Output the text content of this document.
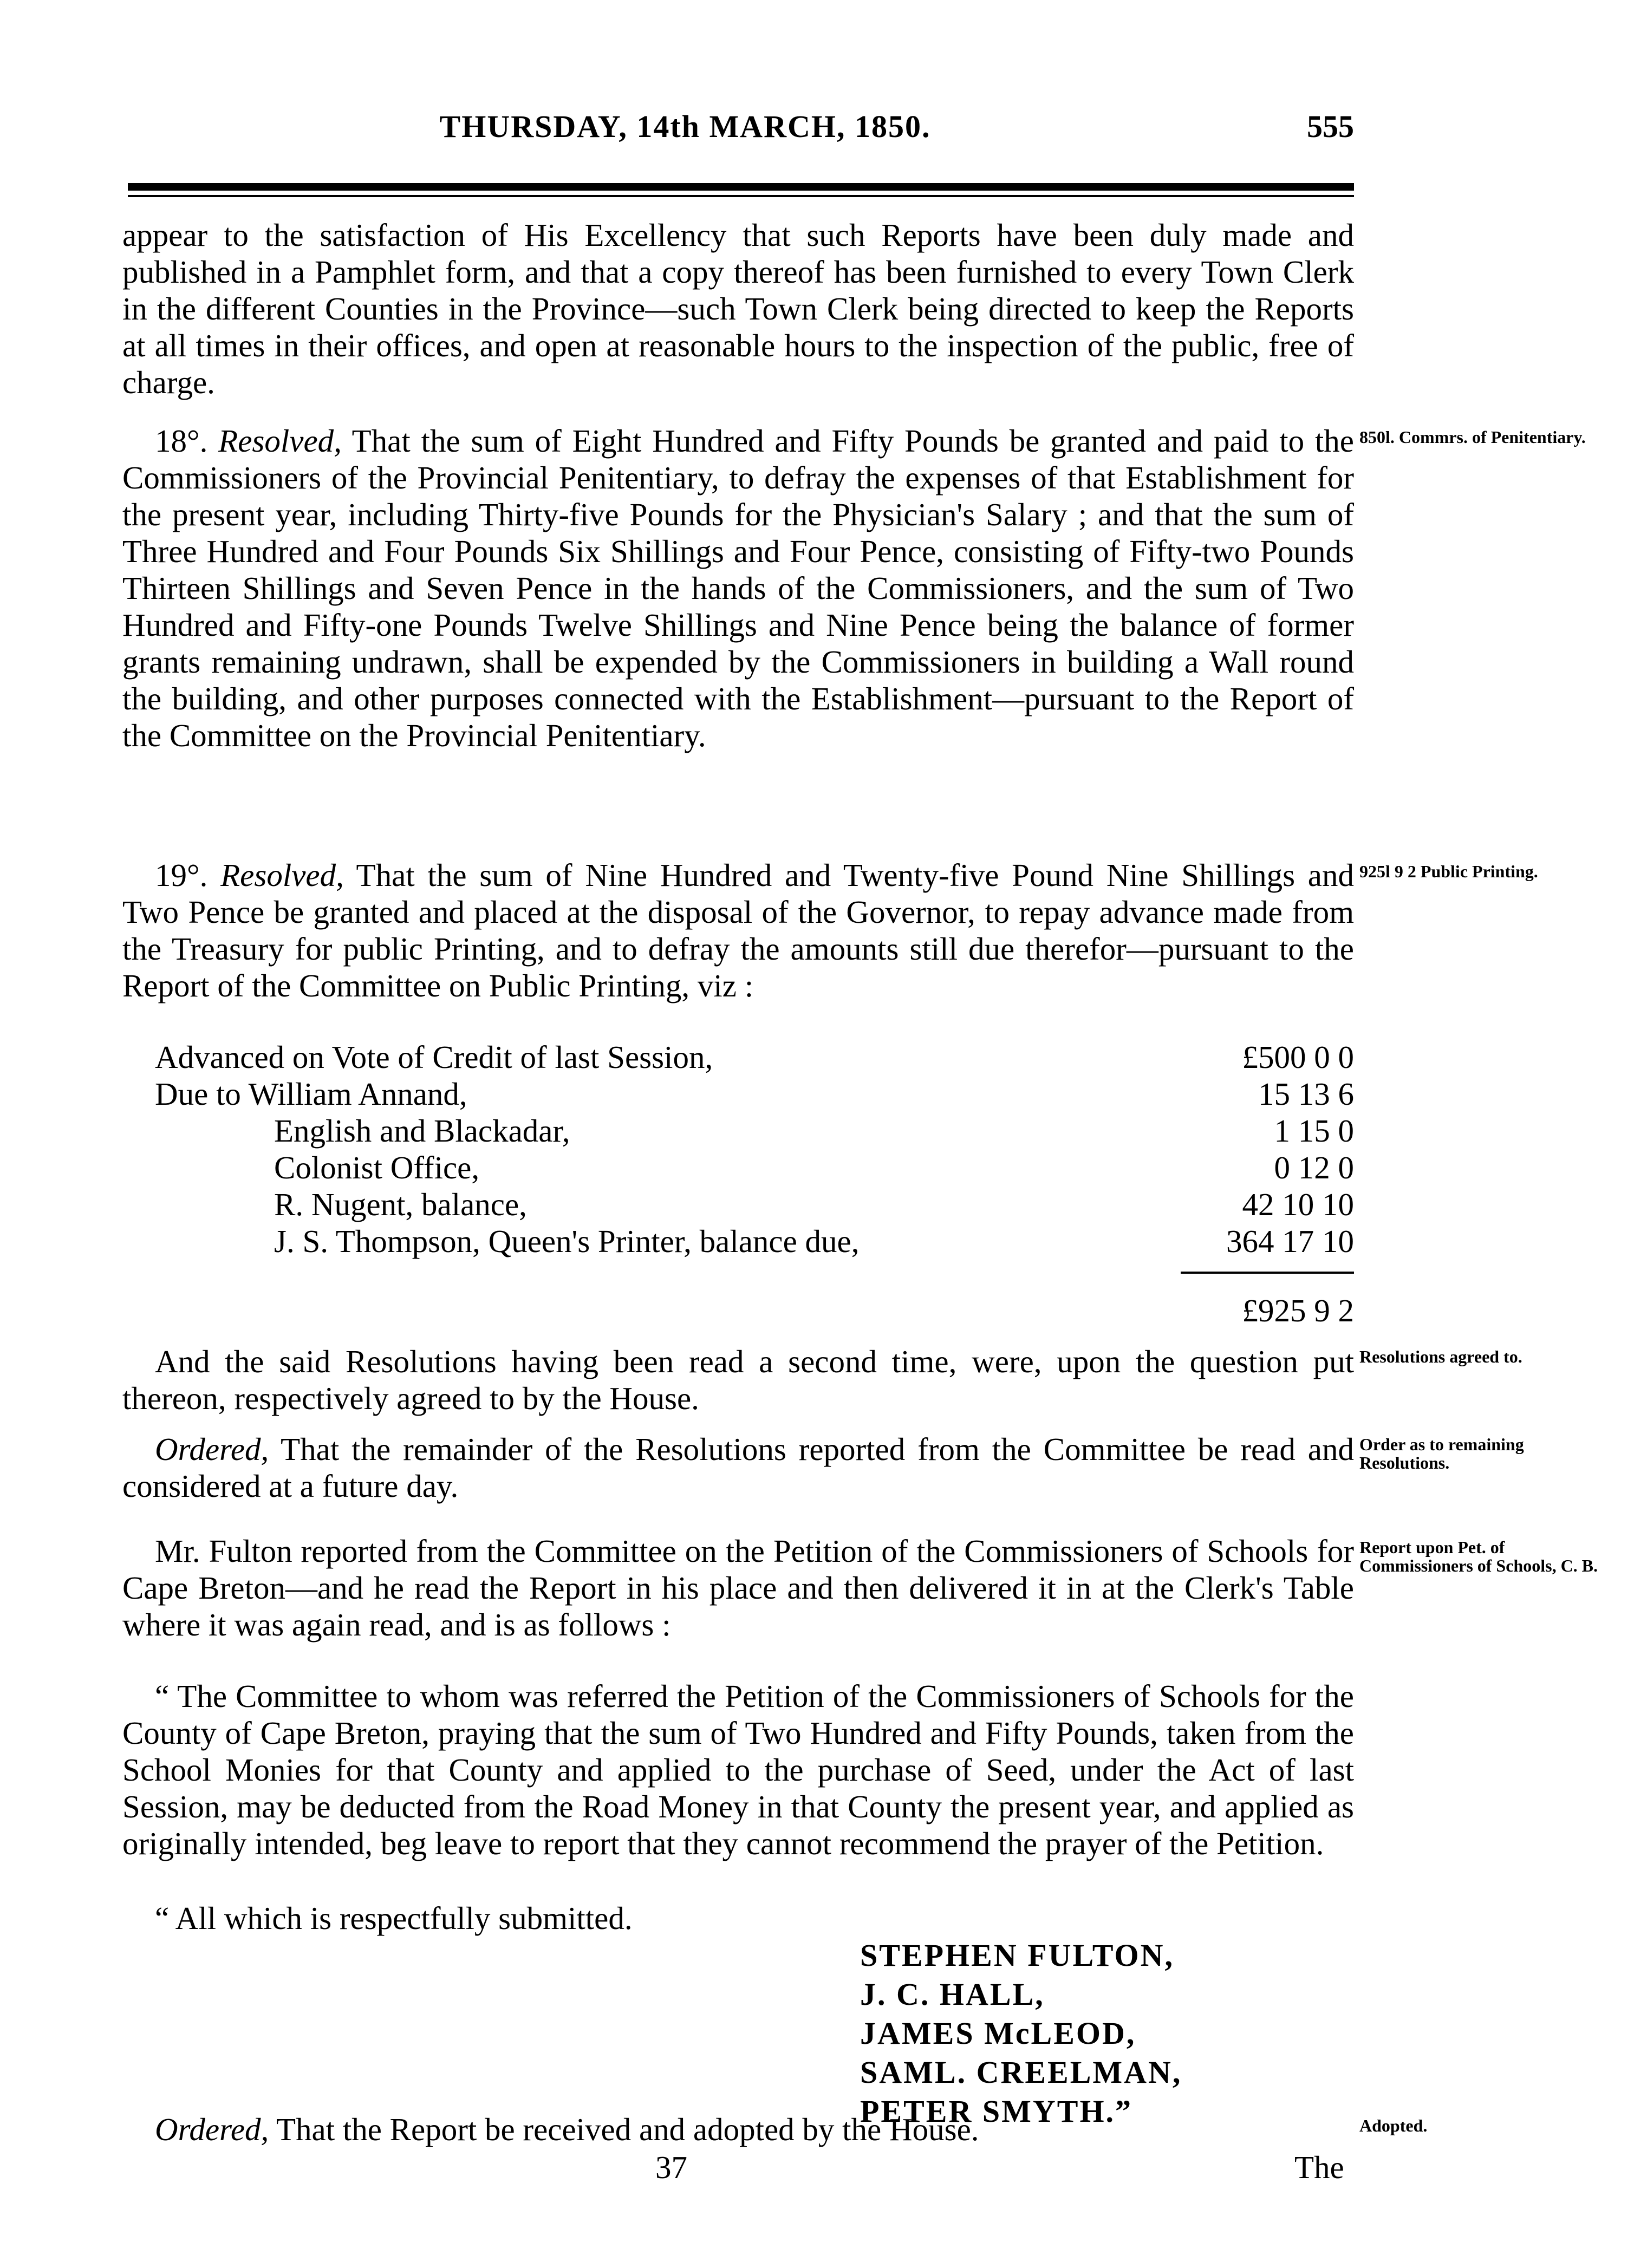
THURSDAY, 14th MARCH, 1850.	555

appear to the satisfaction of His Excellency that such Reports have been duly made and published in a Pamphlet form, and that a copy thereof has been furnished to every Town Clerk in the different Counties in the Province—such Town Clerk being directed to keep the Reports at all times in their offices, and open at reasonable hours to the inspection of the public, free of charge.

18°. Resolved, That the sum of Eight Hundred and Fifty Pounds be granted and paid to the Commissioners of the Provincial Penitentiary, to defray the expenses of that Establishment for the present year, including Thirty-five Pounds for the Physician's Salary ; and that the sum of Three Hundred and Four Pounds Six Shillings and Four Pence, consisting of Fifty-two Pounds Thirteen Shillings and Seven Pence in the hands of the Commissioners, and the sum of Two Hundred and Fifty-one Pounds Twelve Shillings and Nine Pence being the balance of former grants remaining undrawn, shall be expended by the Commissioners in building a Wall round the building, and other purposes connected with the Establishment—pursuant to the Report of the Committee on the Provincial Penitentiary.

19°. Resolved, That the sum of Nine Hundred and Twenty-five Pound Nine Shillings and Two Pence be granted and placed at the disposal of the Governor, to repay advance made from the Treasury for public Printing, and to defray the amounts still due therefor—pursuant to the Report of the Committee on Public Printing, viz :

Advanced on Vote of Credit of last Session,	£500 0 0
Due to William Annand,	15 13 6
English and Blackadar,	1 15 0
Colonist Office,	0 12 0
R. Nugent, balance,	42 10 10
J. S. Thompson, Queen's Printer, balance due,	364 17 10
£925 9 2

And the said Resolutions having been read a second time, were, upon the question put thereon, respectively agreed to by the House.

Ordered, That the remainder of the Resolutions reported from the Committee be read and considered at a future day.

Mr. Fulton reported from the Committee on the Petition of the Commissioners of Schools for Cape Breton—and he read the Report in his place and then delivered it in at the Clerk's Table where it was again read, and is as follows :

“ The Committee to whom was referred the Petition of the Commissioners of Schools for the County of Cape Breton, praying that the sum of Two Hundred and Fifty Pounds, taken from the School Monies for that County and applied to the purchase of Seed, under the Act of last Session, may be deducted from the Road Money in that County the present year, and applied as originally intended, beg leave to report that they cannot recommend the prayer of the Petition.

“ All which is respectfully submitted.

STEPHEN FULTON,
J. C. HALL,
JAMES McLEOD,
SAML. CREELMAN,
PETER SMYTH.”
Ordered, That the Report be received and adopted by the House.
37	The
850l. Commrs. of Penitentiary.
925l 9 2 Public Printing.
Resolutions agreed to.
Order as to remaining Resolutions.
Report upon Pet. of Commissioners of Schools, C. B.
Adopted.
